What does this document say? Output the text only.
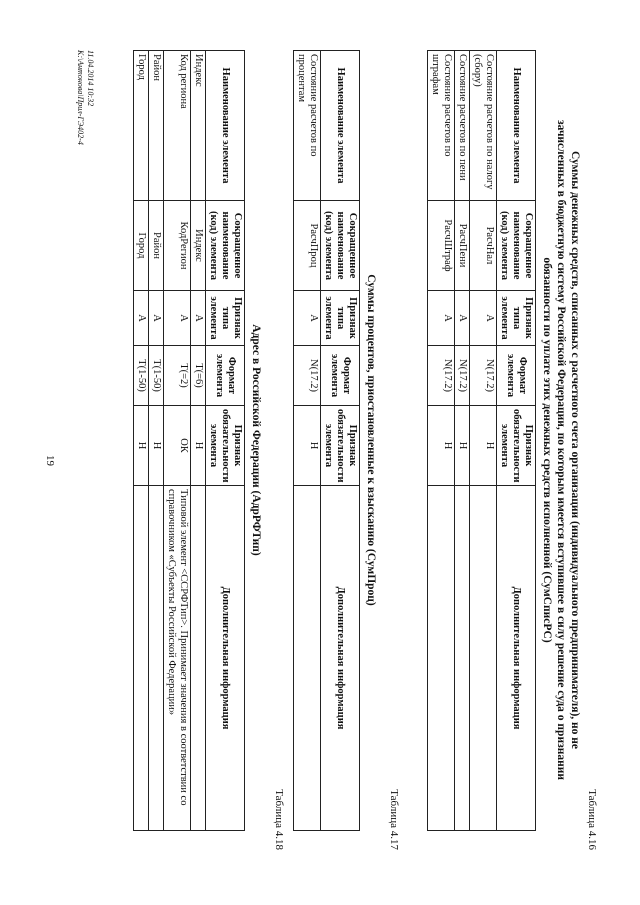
19
Таблица 4.16
Суммы денежных средств, списанных с расчетного счета организации (индивидуального предпринимателя), но не
зачисленных в бюджетную систему Российской Федерации, по которым имеется вступившее в силу решение суда о признании
обязанности по уплате этих денежных средств исполненной (СумСписРС)
Наименование элемента	Сокращенное наименование (код) элемента	Признак типа элемента	Формат элемента	Признак обязательности элемента	Дополнительная информация
Состояние расчетов по налогу (сбору)	РасчНал	А	N(17.2)	Н	
Состояние расчетов по пени	РасчПени	А	N(17.2)	Н	
Состояние расчетов по штрафам	РасчШтраф	А	N(17.2)	Н	
Таблица 4.17
Суммы процентов, приостановленные к взысканию (СумПроц)
Наименование элемента	Сокращенное наименование (код) элемента	Признак типа элемента	Формат элемента	Признак обязательности элемента	Дополнительная информация
Состояние расчетов по процентам	РасчПроц	А	N(17.2)	Н	
Таблица 4.18
Адрес в Российской Федерации (АдрРФТип)
Наименование элемента	Сокращенное наименование (код) элемента	Признак типа элемента	Формат элемента	Признак обязательности элемента	Дополнительная информация
Индекс	Индекс	А	T(=6)	Н	
Код региона	КодРегион	А	T(=2)	ОК	Типовой элемент <ССРФТип>. Принимает значения в соответствии со справочником «Субъекты Российской Федерации»
Район	Район	А	T(1-50)	Н	
Город	Город	А	T(1-50)	Н	
11.04.2014 10:32
К:\Антонова\Прил-ГЭ402-4
